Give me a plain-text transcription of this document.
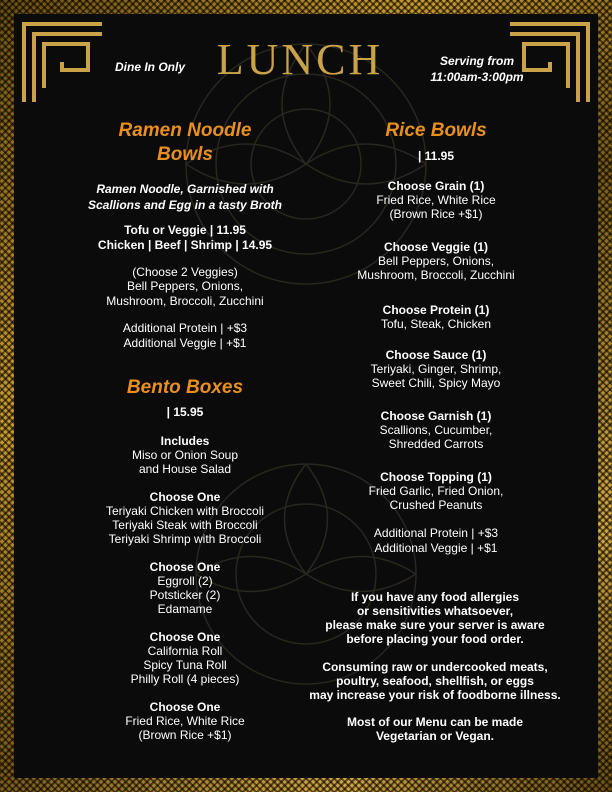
Dine In Only LUNCH	Serving from
11:00am-3:00pm
Ramen Noodle
Bowls
Ramen Noodle, Garnished with
Scallions and Egg in a tasty Broth
Tofu or Veggie | 11.95
Chicken | Beef | Shrimp | 14.95
(Choose 2 Veggies)
Bell Peppers, Onions,
Mushroom, Broccoli, Zucchini
Additional Protein | +$3
Additional Veggie | +$1
Bento Boxes
| 15.95
Includes
Miso or Onion Soup
and House Salad
Choose One
Teriyaki Chicken with Broccoli
Teriyaki Steak with Broccoli
Teriyaki Shrimp with Broccoli
Choose One
Eggroll (2)
Potsticker (2)
Edamame
Choose One
California Roll
Spicy Tuna Roll
Philly Roll (4 pieces)
Choose One
Fried Rice, White Rice
(Brown Rice +$1)
Rice Bowls
| 11.95
Choose Grain (1)
Fried Rice, White Rice
(Brown Rice +$1)
Choose Veggie (1)
Bell Peppers, Onions,
Mushroom, Broccoli, Zucchini
Choose Protein (1)
Tofu, Steak, Chicken
Choose Sauce (1)
Teriyaki, Ginger, Shrimp,
Sweet Chili, Spicy Mayo
Choose Garnish (1)
Scallions, Cucumber,
Shredded Carrots
Choose Topping (1)
Fried Garlic, Fried Onion,
Crushed Peanuts
Additional Protein | +$3
Additional Veggie | +$1
If you have any food allergies
or sensitivities whatsoever,
please make sure your server is aware
before placing your food order.
Consuming raw or undercooked meats,
poultry, seafood, shellfish, or eggs
may increase your risk of foodborne illness.
Most of our Menu can be made
Vegetarian or Vegan.
